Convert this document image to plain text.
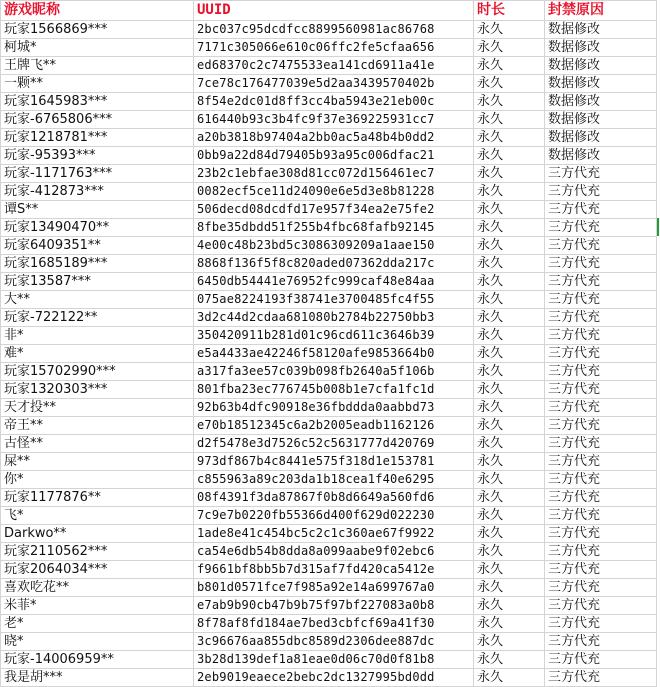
游戏昵称	UUID	时长	封禁原因
玩家1566869***	2bc037c95dcdfcc8899560981ac86768	永久	数据修改
柯城*	7171c305066e610c06ffc2fe5cfaa656	永久	数据修改
王牌飞**	ed68370c2c7475533ea141cd6911a41e	永久	数据修改
一颗**	7ce78c176477039e5d2aa3439570402b	永久	数据修改
玩家1645983***	8f54e2dc01d8ff3cc4ba5943e21eb00c	永久	数据修改
玩家-6765806***	616440b93c3b4fc9f37e369225931cc7	永久	数据修改
玩家1218781***	a20b3818b97404a2bb0ac5a48b4b0dd2	永久	数据修改
玩家-95393***	0bb9a22d84d79405b93a95c006dfac21	永久	数据修改
玩家-1171763***	23b2c1ebfae308d81cc072d156461ec7	永久	三方代充
玩家-412873***	0082ecf5ce11d24090e6e5d3e8b81228	永久	三方代充
谭S**	506decd08dcdfd17e957f34ea2e75fe2	永久	三方代充
玩家13490470**	8fbe35dbdd51f255b4fbc68fafb92145	永久	三方代充
玩家6409351**	4e00c48b23bd5c3086309209a1aae150	永久	三方代充
玩家1685189***	8868f136f5f8c820aded07362dda217c	永久	三方代充
玩家13587***	6450db54441e76952fc999caf48e84aa	永久	三方代充
大**	075ae8224193f38741e3700485fc4f55	永久	三方代充
玩家-722122**	3d2c44d2cdaa681080b2784b22750bb3	永久	三方代充
非*	350420911b281d01c96cd611c3646b39	永久	三方代充
难*	e5a4433ae42246f58120afe9853664b0	永久	三方代充
玩家15702990***	a317fa3ee57c039b098fb2640a5f106b	永久	三方代充
玩家1320303***	801fba23ec776745b008b1e7cfa1fc1d	永久	三方代充
天才投**	92b63b4dfc90918e36fbddda0aabbd73	永久	三方代充
帝王**	e70b18512345c6a2b2005eadb1162126	永久	三方代充
古怪**	d2f5478e3d7526c52c5631777d420769	永久	三方代充
屎**	973df867b4c8441e575f318d1e153781	永久	三方代充
你*	c855963a89c203da1b18cea1f40e6295	永久	三方代充
玩家1177876**	08f4391f3da87867f0b8d6649a560fd6	永久	三方代充
飞*	7c9e7b0220fb55366d400f629d022230	永久	三方代充
Darkwo**	1ade8e41c454bc5c2c1c360ae67f9922	永久	三方代充
玩家2110562***	ca54e6db54b8dda8a099aabe9f02ebc6	永久	三方代充
玩家2064034***	f9661bf8bb5b7d315af7fd420ca5412e	永久	三方代充
喜欢吃花**	b801d0571fce7f985a92e14a699767a0	永久	三方代充
米菲*	e7ab9b90cb47b9b75f97bf227083a0b8	永久	三方代充
老*	8f78af8fd184ae7bed3cbfcf69a41f30	永久	三方代充
晓*	3c96676aa855dbc8589d2306dee887dc	永久	三方代充
玩家-14006959**	3b28d139def1a81eae0d06c70d0f81b8	永久	三方代充
我是胡***	2eb9019eaece2bebc2dc1327995bd0dd	永久	三方代充
